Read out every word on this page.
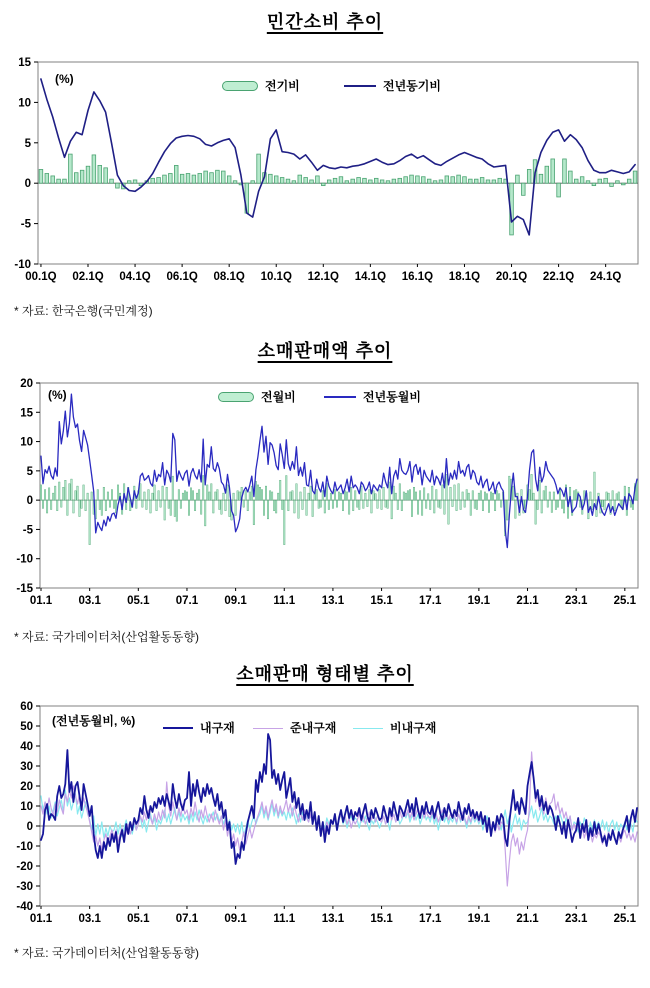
민간소비 추이
15
10
5
0
-5
-10
00.1Q 02.1Q 04.1Q 06.1Q 08.1Q 10.1Q 12.1Q 14.1Q 16.1Q 18.1Q 20.1Q 22.1Q 24.1Q
(%)	전기비	전년동기비
* 자료: 한국은행(국민계정)
소매판매액 추이
20
15
10
5
0
-5
-10
-15
01.1 03.1 05.1 07.1 09.1 11.1 13.1 15.1 17.1 19.1 21.1 23.1 25.1
(%)	전월비	전년동월비
* 자료: 국가데이터처(산업활동동향)
소매판매 형태별 추이
60
50
40
30
20
10
0
-10
-20
-30
-40
01.1 03.1 05.1 07.1 09.1 11.1 13.1 15.1 17.1 19.1 21.1 23.1 25.1
(전년동월비, %)	내구재	준내구재	비내구재
* 자료: 국가데이터처(산업활동동향)
